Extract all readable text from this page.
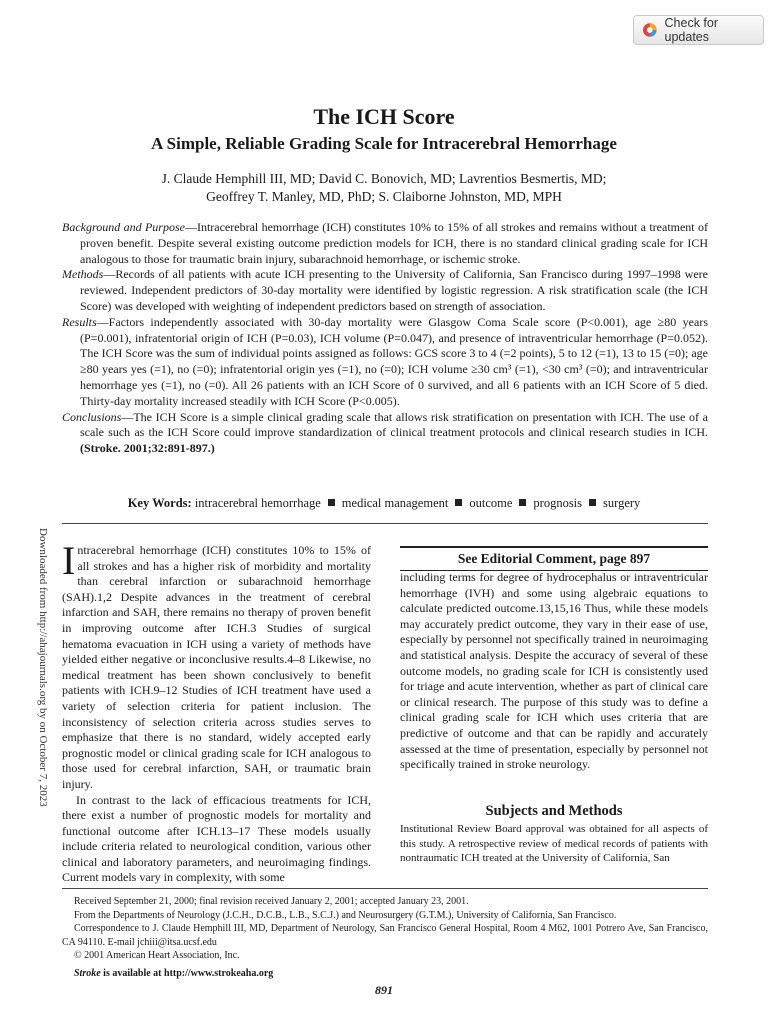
Check for updates
Downloaded from http://ahajournals.org by on October 7, 2023
The ICH Score
A Simple, Reliable Grading Scale for Intracerebral Hemorrhage
J. Claude Hemphill III, MD; David C. Bonovich, MD; Lavrentios Besmertis, MD;
Geoffrey T. Manley, MD, PhD; S. Claiborne Johnston, MD, MPH

Background and Purpose—Intracerebral hemorrhage (ICH) constitutes 10% to 15% of all strokes and remains without a treatment of proven benefit. Despite several existing outcome prediction models for ICH, there is no standard clinical grading scale for ICH analogous to those for traumatic brain injury, subarachnoid hemorrhage, or ischemic stroke.

Methods—Records of all patients with acute ICH presenting to the University of California, San Francisco during 1997–1998 were reviewed. Independent predictors of 30-day mortality were identified by logistic regression. A risk stratification scale (the ICH Score) was developed with weighting of independent predictors based on strength of association.

Results—Factors independently associated with 30-day mortality were Glasgow Coma Scale score (P<0.001), age ≥80 years (P=0.001), infratentorial origin of ICH (P=0.03), ICH volume (P=0.047), and presence of intraventricular hemorrhage (P=0.052). The ICH Score was the sum of individual points assigned as follows: GCS score 3 to 4 (=2 points), 5 to 12 (=1), 13 to 15 (=0); age ≥80 years yes (=1), no (=0); infratentorial origin yes (=1), no (=0); ICH volume ≥30 cm³ (=1), <30 cm³ (=0); and intraventricular hemorrhage yes (=1), no (=0). All 26 patients with an ICH Score of 0 survived, and all 6 patients with an ICH Score of 5 died. Thirty-day mortality increased steadily with ICH Score (P<0.005).

Conclusions—The ICH Score is a simple clinical grading scale that allows risk stratification on presentation with ICH. The use of a scale such as the ICH Score could improve standardization of clinical treatment protocols and clinical research studies in ICH. (Stroke. 2001;32:891-897.)

Key Words: intracerebral hemorrhage medical management outcome prognosis surgery

Intracerebral hemorrhage (ICH) constitutes 10% to 15% of all strokes and has a higher risk of morbidity and mortality than cerebral infarction or subarachnoid hemorrhage (SAH).1,2 Despite advances in the treatment of cerebral infarction and SAH, there remains no therapy of proven benefit in improving outcome after ICH.3 Studies of surgical hematoma evacuation in ICH using a variety of methods have yielded either negative or inconclusive results.4–8 Likewise, no medical treatment has been shown conclusively to benefit patients with ICH.9–12 Studies of ICH treatment have used a variety of selection criteria for patient inclusion. The inconsistency of selection criteria across studies serves to emphasize that there is no standard, widely accepted early prognostic model or clinical grading scale for ICH analogous to those used for cerebral infarction, SAH, or traumatic brain injury.

In contrast to the lack of efficacious treatments for ICH, there exist a number of prognostic models for mortality and functional outcome after ICH.13–17 These models usually include criteria related to neurological condition, various other clinical and laboratory parameters, and neuroimaging findings. Current models vary in complexity, with some

See Editorial Comment, page 897

including terms for degree of hydrocephalus or intraventricular hemorrhage (IVH) and some using algebraic equations to calculate predicted outcome.13,15,16 Thus, while these models may accurately predict outcome, they vary in their ease of use, especially by personnel not specifically trained in neuroimaging and statistical analysis. Despite the accuracy of several of these outcome models, no grading scale for ICH is consistently used for triage and acute intervention, whether as part of clinical care or clinical research. The purpose of this study was to define a clinical grading scale for ICH which uses criteria that are predictive of outcome and that can be rapidly and accurately assessed at the time of presentation, especially by personnel not specifically trained in stroke neurology.

Subjects and Methods

Institutional Review Board approval was obtained for all aspects of this study. A retrospective review of medical records of patients with nontraumatic ICH treated at the University of California, San

Received September 21, 2000; final revision received January 2, 2001; accepted January 23, 2001.

From the Departments of Neurology (J.C.H., D.C.B., L.B., S.C.J.) and Neurosurgery (G.T.M.), University of California, San Francisco.

Correspondence to J. Claude Hemphill III, MD, Department of Neurology, San Francisco General Hospital, Room 4 M62, 1001 Potrero Ave, San Francisco, CA 94110. E-mail jchiii@itsa.ucsf.edu

© 2001 American Heart Association, Inc.

Stroke is available at http://www.strokeaha.org

891
